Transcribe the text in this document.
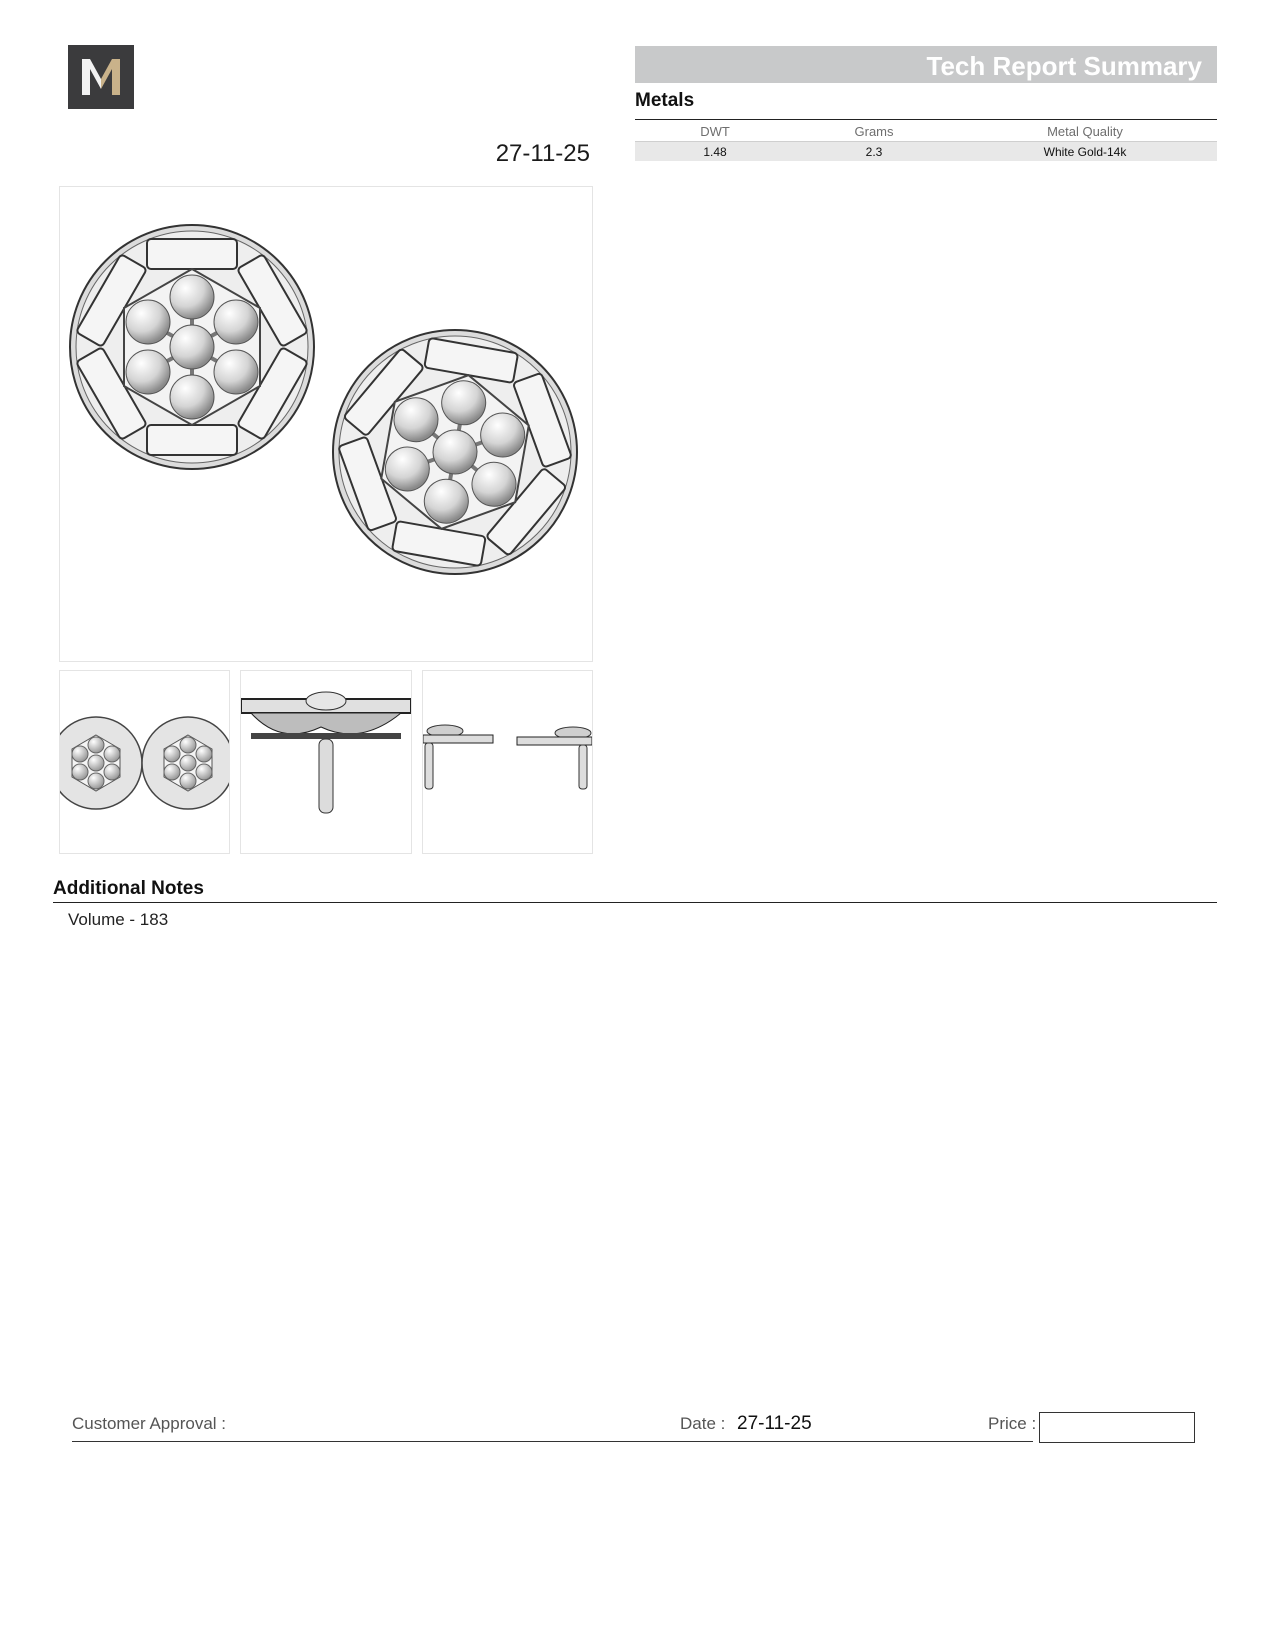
27-11-25
Tech Report Summary
Metals
DWT	Grams	Metal Quality
1.48	2.3	White Gold-14k
Additional Notes
Volume - 183
Customer Approval :	Date : 27-11-25	Price :
